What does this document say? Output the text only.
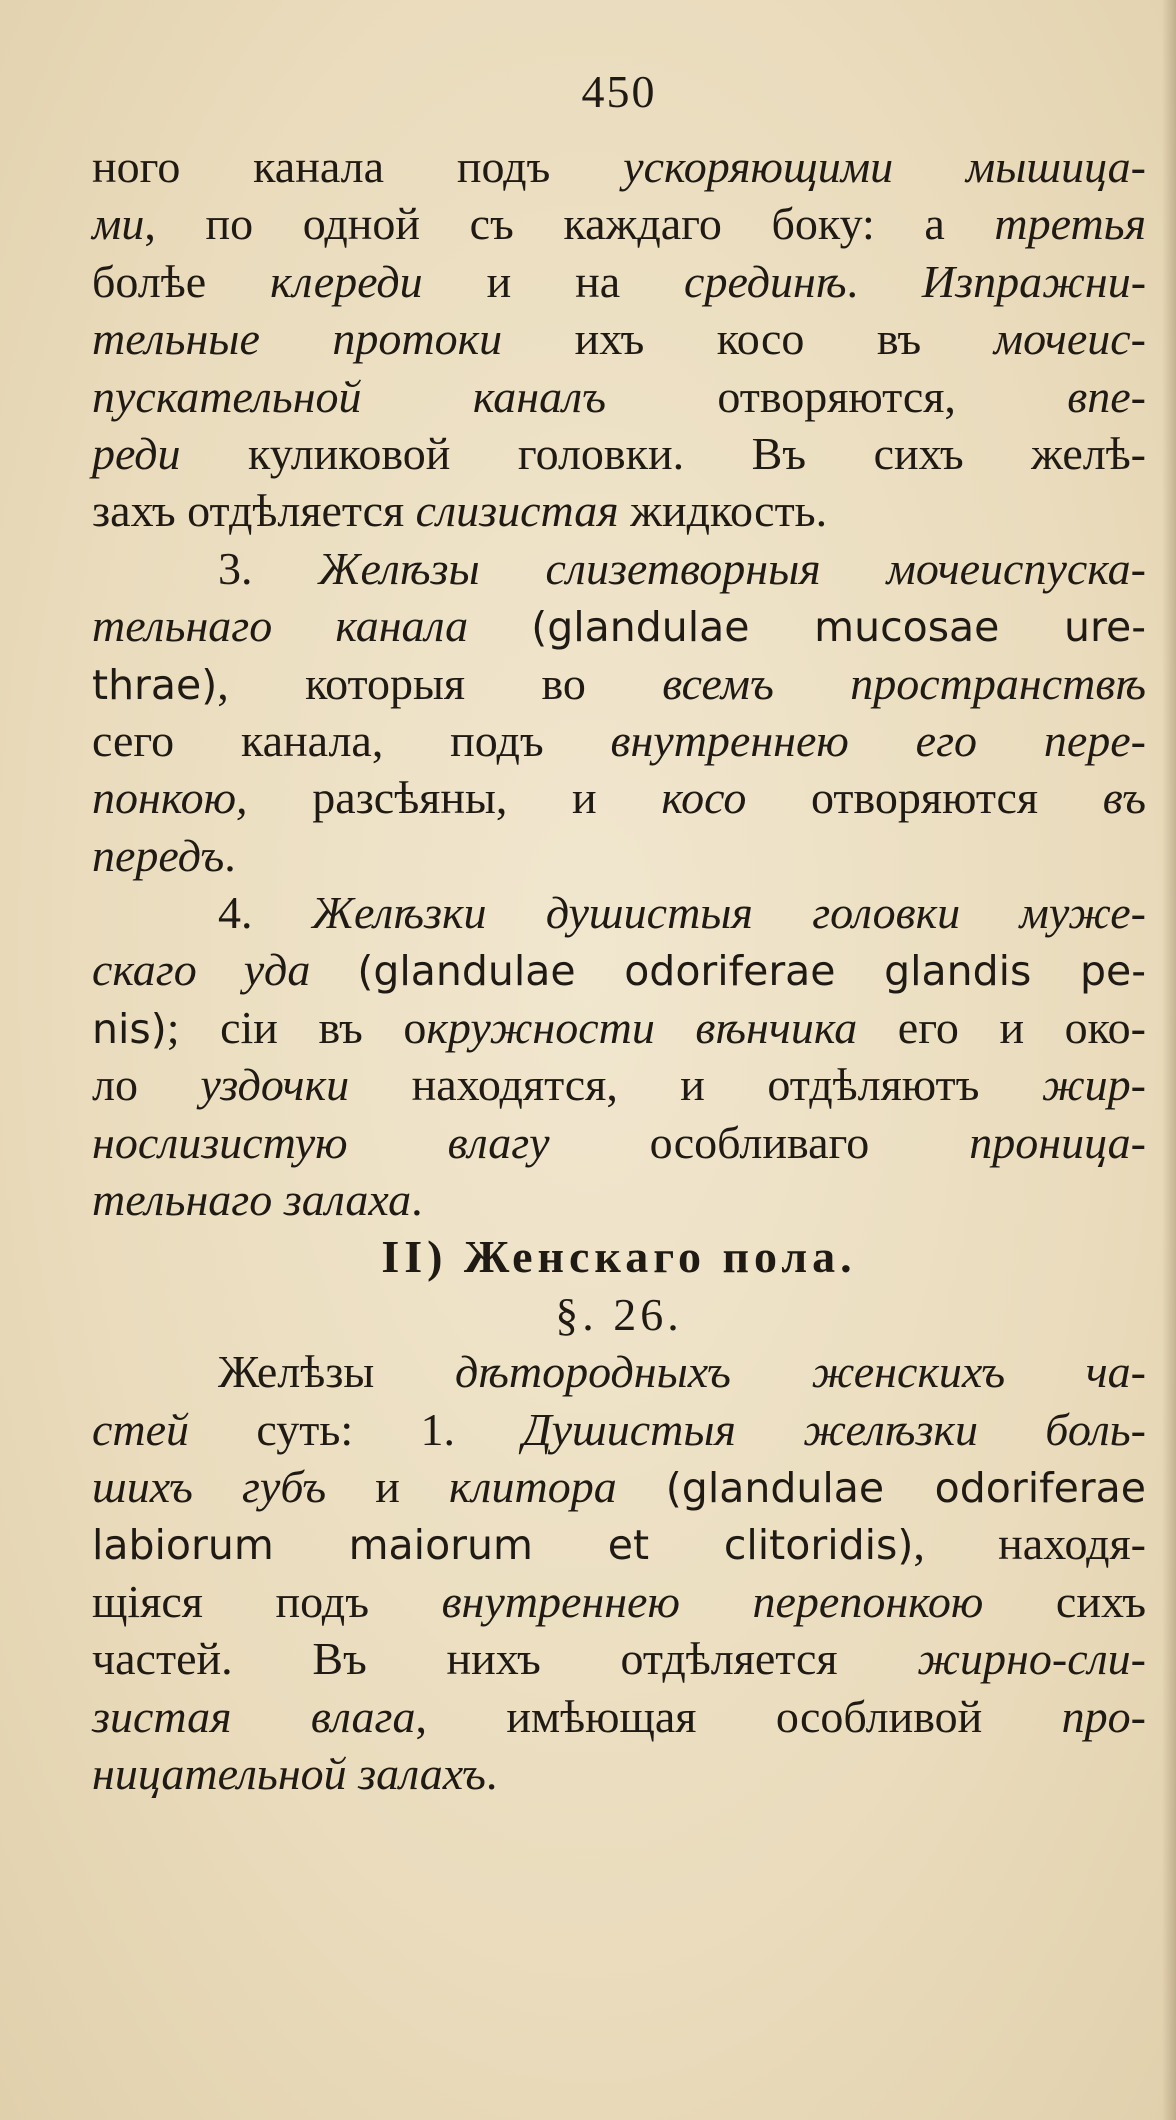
450
ного канала подъ ускоряющими мышица-
ми, по одной съ каждаго боку: а третья
болѣе клереди и на срединѣ. Изпражни-
тельные протоки ихъ косо въ мочеис-
пускательной каналъ отворяются, впе-
реди куликовой головки. Въ сихъ желѣ-
захъ отдѣляется слизистая жидкость.
3. Желѣзы слизетворныя мочеиспуска-
тельнаго канала (glandulae mucosae ure-
thrae), которыя во всемъ пространствѣ
сего канала, подъ внутреннею его пере-
понкою, разсѣяны, и косо отворяются въ
передъ.
4. Желѣзки душистыя головки муже-
скаго уда (glandulae odoriferae glandis pe-
nis); сіи въ окружности вѣнчика его и око-
ло уздочки находятся, и отдѣляютъ жир-
нослизистую влагу особливаго проница-
тельнаго залаха.
II) Женскаго пола.
§. 26.
Желѣзы дѣтородныхъ женскихъ ча-
стей суть: 1. Душистыя желѣзки боль-
шихъ губъ и клитора (glandulae odoriferae
labiorum maiorum et clitoridis), находя-
щіяся подъ внутреннею перепонкою сихъ
частей. Въ нихъ отдѣляется жирно-сли-
зистая влага, имѣющая особливой про-
ницательной залахъ.
